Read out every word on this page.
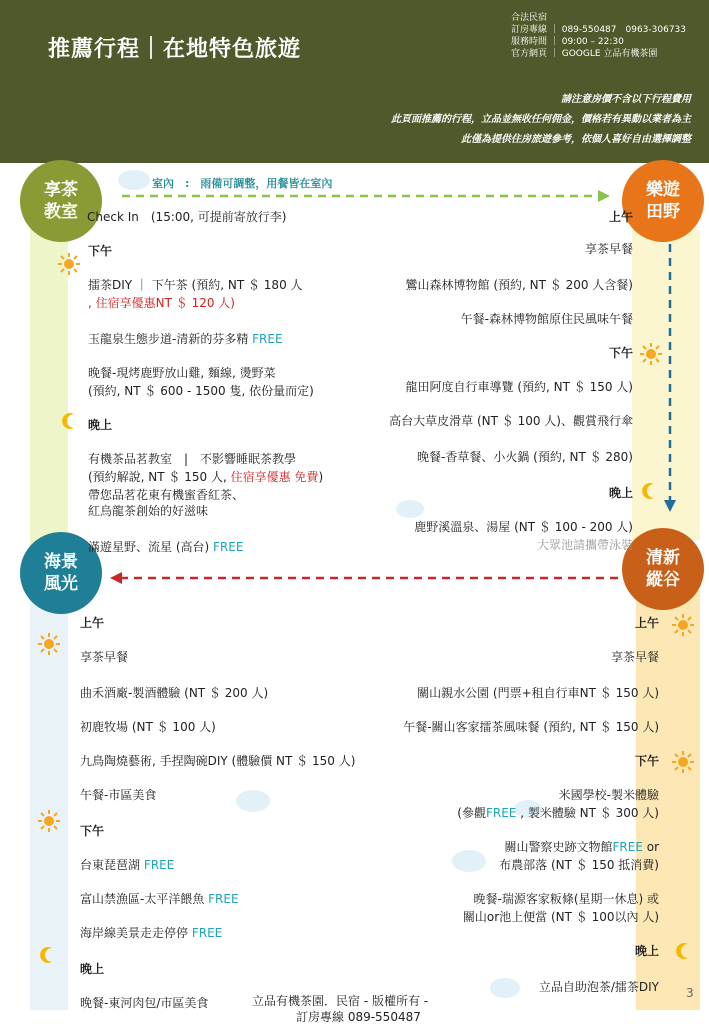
推薦行程｜在地特色旅遊
合法民宿
訂房專線 ｜ 089-550487　0963-306733
服務時間 ｜ 09:00 – 22:30
官方網頁 ｜ GOOGLE 立品有機茶園
請注意房價不含以下行程費用
此頁面推薦的行程，立品並無收任何佣金，價格若有異動以業者為主
此僅為提供住房旅遊參考，依個人喜好自由選擇調整
享茶
教室
樂遊
田野
海景
風光
清新
縱谷
室內　:　雨備可調整，用餐皆在室內
Check In　(15:00, 可提前寄放行李)
下午
擂茶DIY ｜ 下午茶 (預約, NT ＄ 180 人
, 住宿享優惠NT ＄ 120 人)
玉龍泉生態步道-清新的芬多精 FREE
晚餐-現烤鹿野放山雞, 麵線, 燙野菜
(預約, NT ＄ 600 - 1500 隻, 依份量而定)
晚上
有機茶品茗教室　|　不影響睡眠茶教學
(預約解說, NT ＄ 150 人, 住宿享優惠 免費)
帶您品茗花東有機蜜香紅茶、
紅烏龍茶創始的好滋味
滿遊星野、流星 (高台) FREE
上午
享茶早餐
鸞山森林博物館 (預約, NT ＄ 200 人含餐)
午餐-森林博物館原住民風味午餐
下午
龍田阿度自行車導覽 (預約, NT ＄ 150 人)
高台大草皮滑草 (NT ＄ 100 人)、觀賞飛行傘
晚餐-香草餐、小火鍋 (預約, NT ＄ 280)
晚上
鹿野溪溫泉、湯屋 (NT ＄ 100 - 200 人)
大眾池請攜帶泳裝
上午
享茶早餐
曲禾酒廠-製酒體驗 (NT ＄ 200 人)
初鹿牧場 (NT ＄ 100 人)
九鳥陶燒藝術, 手捏陶碗DIY (體驗價 NT ＄ 150 人)
午餐-市區美食
下午
台東琵琶湖 FREE
富山禁漁區-太平洋餵魚 FREE
海岸線美景走走停停 FREE
晚上
晚餐-東河肉包/市區美食
上午
享茶早餐
關山親水公園 (門票+租自行車NT ＄ 150 人)
午餐-關山客家擂茶風味餐 (預約, NT ＄ 150 人)
下午
米國學校-製米體驗
(參觀FREE , 製米體驗 NT ＄ 300 人)
關山警察史跡文物館FREE or
布農部落 (NT ＄ 150 抵消費)
晚餐-瑞源客家粄條(星期一休息) 或
關山or池上便當 (NT ＄ 100以內 人)
晚上
立品自助泡茶/擂茶DIY
立品有機茶園．民宿 - 版權所有 -
訂房專線 089-550487
3
